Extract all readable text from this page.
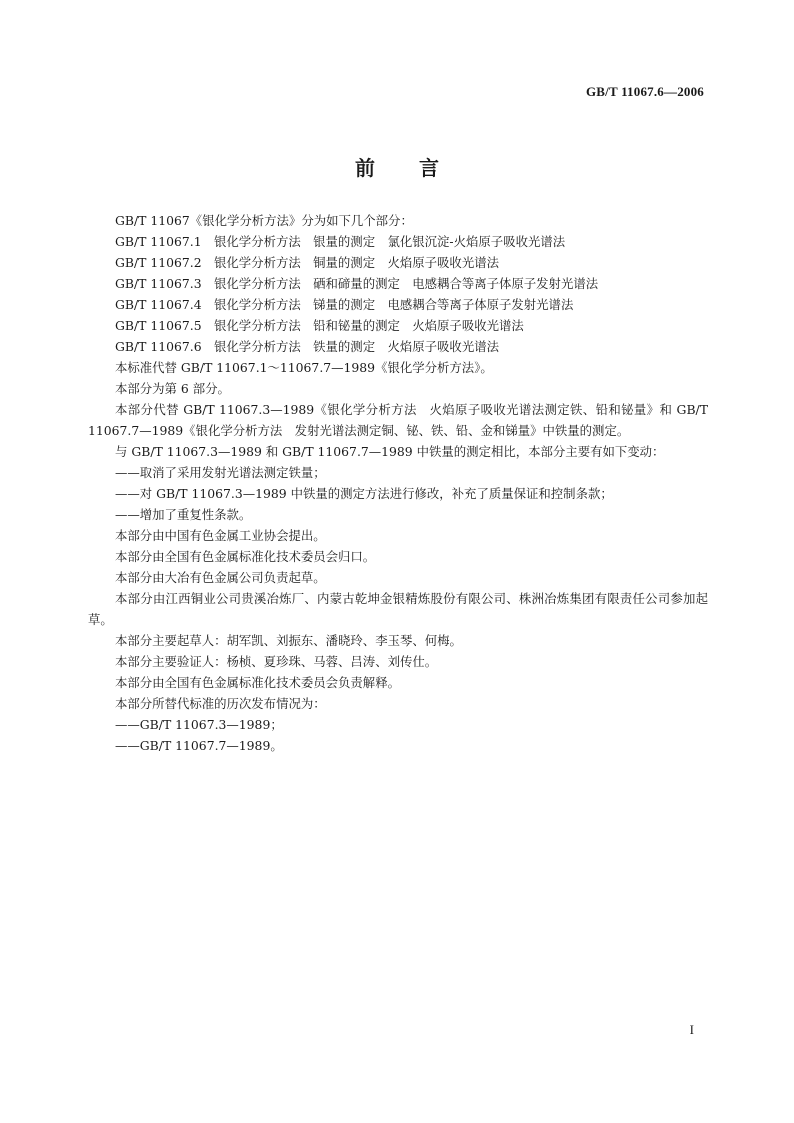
GB/T 11067.6—2006
前言

GB/T 11067《银化学分析方法》分为如下几个部分：

GB/T 11067.1　银化学分析方法　银量的测定　氯化银沉淀-火焰原子吸收光谱法

GB/T 11067.2　银化学分析方法　铜量的测定　火焰原子吸收光谱法

GB/T 11067.3　银化学分析方法　硒和碲量的测定　电感耦合等离子体原子发射光谱法

GB/T 11067.4　银化学分析方法　锑量的测定　电感耦合等离子体原子发射光谱法

GB/T 11067.5　银化学分析方法　铅和铋量的测定　火焰原子吸收光谱法

GB/T 11067.6　银化学分析方法　铁量的测定　火焰原子吸收光谱法

本标准代替 GB/T 11067.1～11067.7—1989《银化学分析方法》。

本部分为第 6 部分。

本部分代替 GB/T 11067.3—1989《银化学分析方法　火焰原子吸收光谱法测定铁、铅和铋量》和 GB/T 11067.7—1989《银化学分析方法　发射光谱法测定铜、铋、铁、铅、金和锑量》中铁量的测定。

与 GB/T 11067.3—1989 和 GB/T 11067.7—1989 中铁量的测定相比，本部分主要有如下变动：

——取消了采用发射光谱法测定铁量；

——对 GB/T 11067.3—1989 中铁量的测定方法进行修改，补充了质量保证和控制条款；

——增加了重复性条款。

本部分由中国有色金属工业协会提出。

本部分由全国有色金属标准化技术委员会归口。

本部分由大冶有色金属公司负责起草。

本部分由江西铜业公司贵溪冶炼厂、内蒙古乾坤金银精炼股份有限公司、株洲冶炼集团有限责任公司参加起草。

本部分主要起草人：胡军凯、刘振东、潘晓玲、李玉琴、何梅。

本部分主要验证人：杨桢、夏珍珠、马蓉、吕涛、刘传仕。

本部分由全国有色金属标准化技术委员会负责解释。

本部分所替代标准的历次发布情况为：

——GB/T 11067.3—1989；

——GB/T 11067.7—1989。

I
